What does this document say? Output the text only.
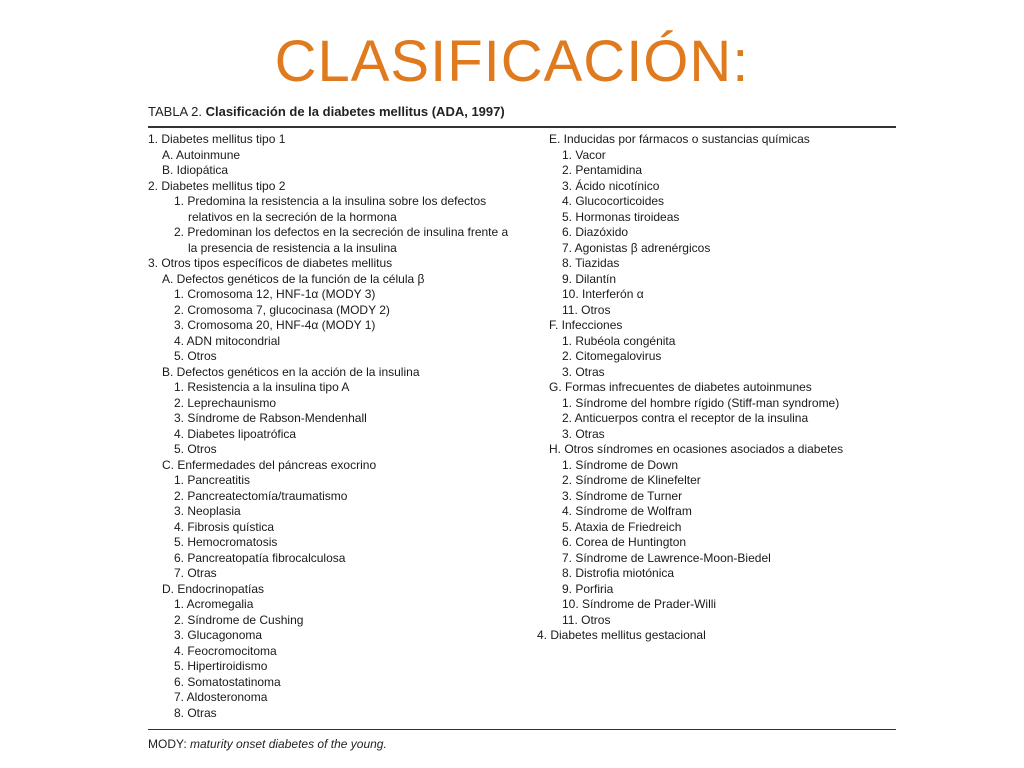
CLASIFICACIÓN:
TABLA 2. Clasificación de la diabetes mellitus (ADA, 1997)
1. Diabetes mellitus tipo 1
A. Autoinmune
B. Idiopática
2. Diabetes mellitus tipo 2
1. Predomina la resistencia a la insulina sobre los defectos
relativos en la secreción de la hormona
2. Predominan los defectos en la secreción de insulina frente a
la presencia de resistencia a la insulina
3. Otros tipos específicos de diabetes mellitus
A. Defectos genéticos de la función de la célula β
1. Cromosoma 12, HNF-1α (MODY 3)
2. Cromosoma 7, glucocinasa (MODY 2)
3. Cromosoma 20, HNF-4α (MODY 1)
4. ADN mitocondrial
5. Otros
B. Defectos genéticos en la acción de la insulina
1. Resistencia a la insulina tipo A
2. Leprechaunismo
3. Síndrome de Rabson-Mendenhall
4. Diabetes lipoatrófica
5. Otros
C. Enfermedades del páncreas exocrino
1. Pancreatitis
2. Pancreatectomía/traumatismo
3. Neoplasia
4. Fibrosis quística
5. Hemocromatosis
6. Pancreatopatía fibrocalculosa
7. Otras
D. Endocrinopatías
1. Acromegalia
2. Síndrome de Cushing
3. Glucagonoma
4. Feocromocitoma
5. Hipertiroidismo
6. Somatostatinoma
7. Aldosteronoma
8. Otras
E. Inducidas por fármacos o sustancias químicas
1. Vacor
2. Pentamidina
3. Ácido nicotínico
4. Glucocorticoides
5. Hormonas tiroideas
6. Diazóxido
7. Agonistas β adrenérgicos
8. Tiazidas
9. Dilantín
10. Interferón α
11. Otros
F. Infecciones
1. Rubéola congénita
2. Citomegalovirus
3. Otras
G. Formas infrecuentes de diabetes autoinmunes
1. Síndrome del hombre rígido (Stiff-man syndrome)
2. Anticuerpos contra el receptor de la insulina
3. Otras
H. Otros síndromes en ocasiones asociados a diabetes
1. Síndrome de Down
2. Síndrome de Klinefelter
3. Síndrome de Turner
4. Síndrome de Wolfram
5. Ataxia de Friedreich
6. Corea de Huntington
7. Síndrome de Lawrence-Moon-Biedel
8. Distrofia miotónica
9. Porfiria
10. Síndrome de Prader-Willi
11. Otros
4. Diabetes mellitus gestacional
MODY: maturity onset diabetes of the young.
